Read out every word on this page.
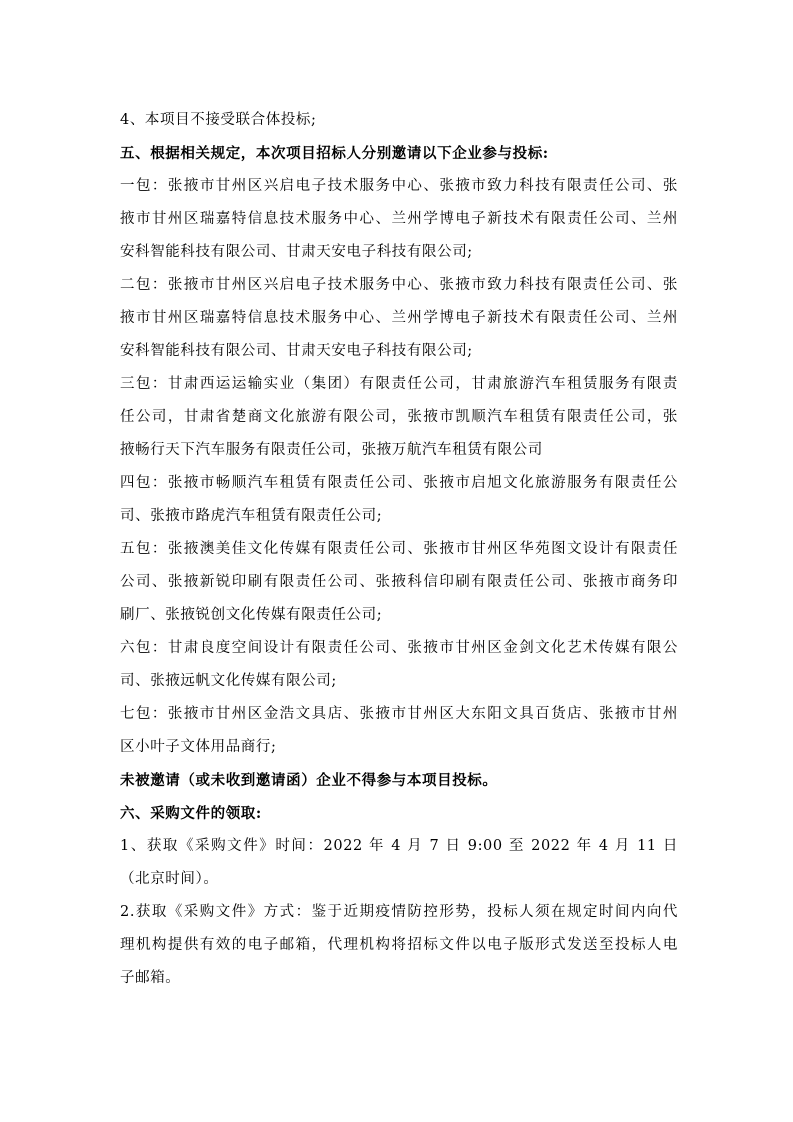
4、本项目不接受联合体投标;
五、根据相关规定，本次项目招标人分别邀请以下企业参与投标:
一包：张掖市甘州区兴启电子技术服务中心、张掖市致力科技有限责任公司、张
掖市甘州区瑞嘉特信息技术服务中心、兰州学博电子新技术有限责任公司、兰州
安科智能科技有限公司、甘肃天安电子科技有限公司;
二包：张掖市甘州区兴启电子技术服务中心、张掖市致力科技有限责任公司、张
掖市甘州区瑞嘉特信息技术服务中心、兰州学博电子新技术有限责任公司、兰州
安科智能科技有限公司、甘肃天安电子科技有限公司;
三包：甘肃西运运输实业（集团）有限责任公司，甘肃旅游汽车租赁服务有限责
任公司，甘肃省楚商文化旅游有限公司，张掖市凯顺汽车租赁有限责任公司，张
掖畅行天下汽车服务有限责任公司，张掖万航汽车租赁有限公司
四包：张掖市畅顺汽车租赁有限责任公司、张掖市启旭文化旅游服务有限责任公
司、张掖市路虎汽车租赁有限责任公司;
五包：张掖澳美佳文化传媒有限责任公司、张掖市甘州区华苑图文设计有限责任
公司、张掖新锐印刷有限责任公司、张掖科信印刷有限责任公司、张掖市商务印
刷厂、张掖锐创文化传媒有限责任公司;
六包：甘肃良度空间设计有限责任公司、张掖市甘州区金剑文化艺术传媒有限公
司、张掖远帆文化传媒有限公司;
七包：张掖市甘州区金浩文具店、张掖市甘州区大东阳文具百货店、张掖市甘州
区小叶子文体用品商行;
未被邀请（或未收到邀请函）企业不得参与本项目投标。
六、采购文件的领取:
1、获取《采购文件》时间：2022 年 4 月 7 日 9:00 至 2022 年 4 月 11 日
（北京时间）。
2.获取《采购文件》方式：鉴于近期疫情防控形势，投标人须在规定时间内向代
理机构提供有效的电子邮箱，代理机构将招标文件以电子版形式发送至投标人电
子邮箱。
